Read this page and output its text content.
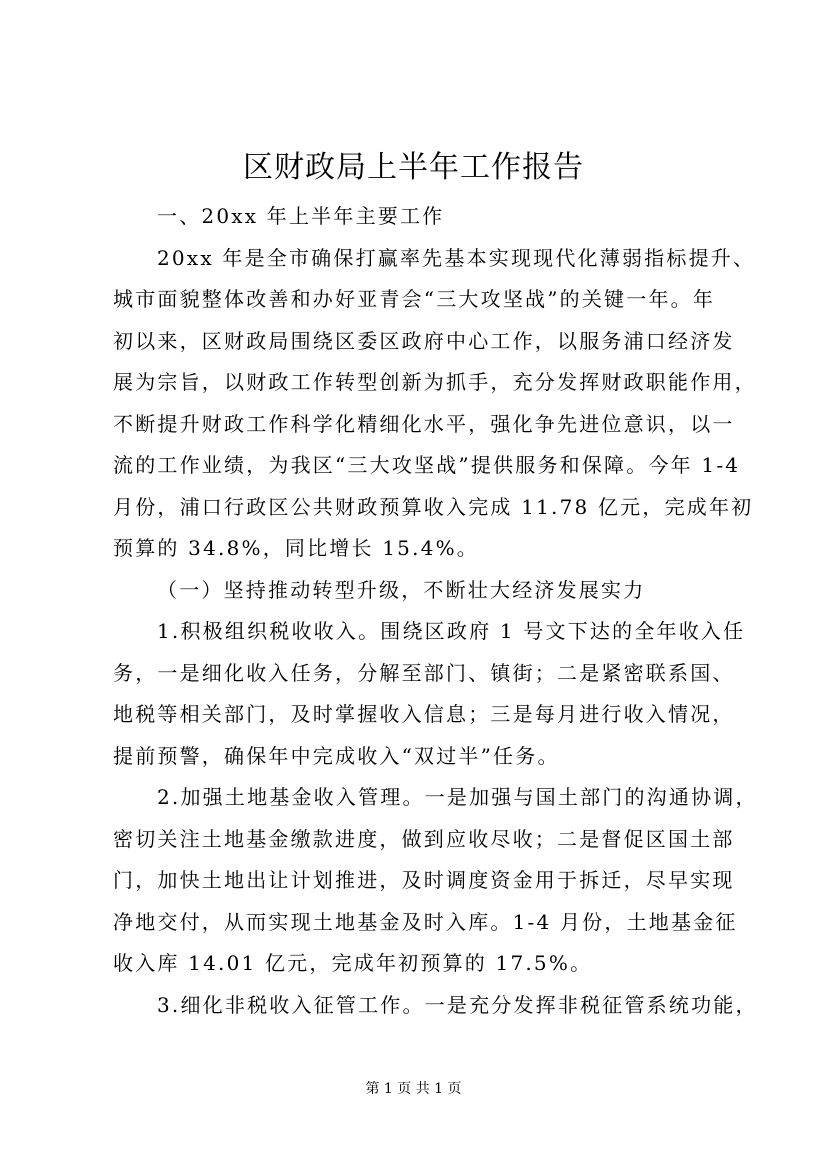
区财政局上半年工作报告
一、20xx 年上半年主要工作
20xx 年是全市确保打赢率先基本实现现代化薄弱指标提升、
城市面貌整体改善和办好亚青会“三大攻坚战”的关键一年。年
初以来，区财政局围绕区委区政府中心工作，以服务浦口经济发
展为宗旨，以财政工作转型创新为抓手，充分发挥财政职能作用，
不断提升财政工作科学化精细化水平，强化争先进位意识，以一
流的工作业绩，为我区“三大攻坚战”提供服务和保障。今年 1-4
月份，浦口行政区公共财政预算收入完成 11.78 亿元，完成年初
预算的 34.8%，同比增长 15.4%。
（一）坚持推动转型升级，不断壮大经济发展实力
1.积极组织税收收入。围绕区政府 1 号文下达的全年收入任
务，一是细化收入任务，分解至部门、镇街；二是紧密联系国、
地税等相关部门，及时掌握收入信息；三是每月进行收入情况，
提前预警，确保年中完成收入“双过半”任务。
2.加强土地基金收入管理。一是加强与国土部门的沟通协调，
密切关注土地基金缴款进度，做到应收尽收；二是督促区国土部
门，加快土地出让计划推进，及时调度资金用于拆迁，尽早实现
净地交付，从而实现土地基金及时入库。1-4 月份，土地基金征
收入库 14.01 亿元，完成年初预算的 17.5%。
3.细化非税收入征管工作。一是充分发挥非税征管系统功能，
第 1 页 共 1 页
